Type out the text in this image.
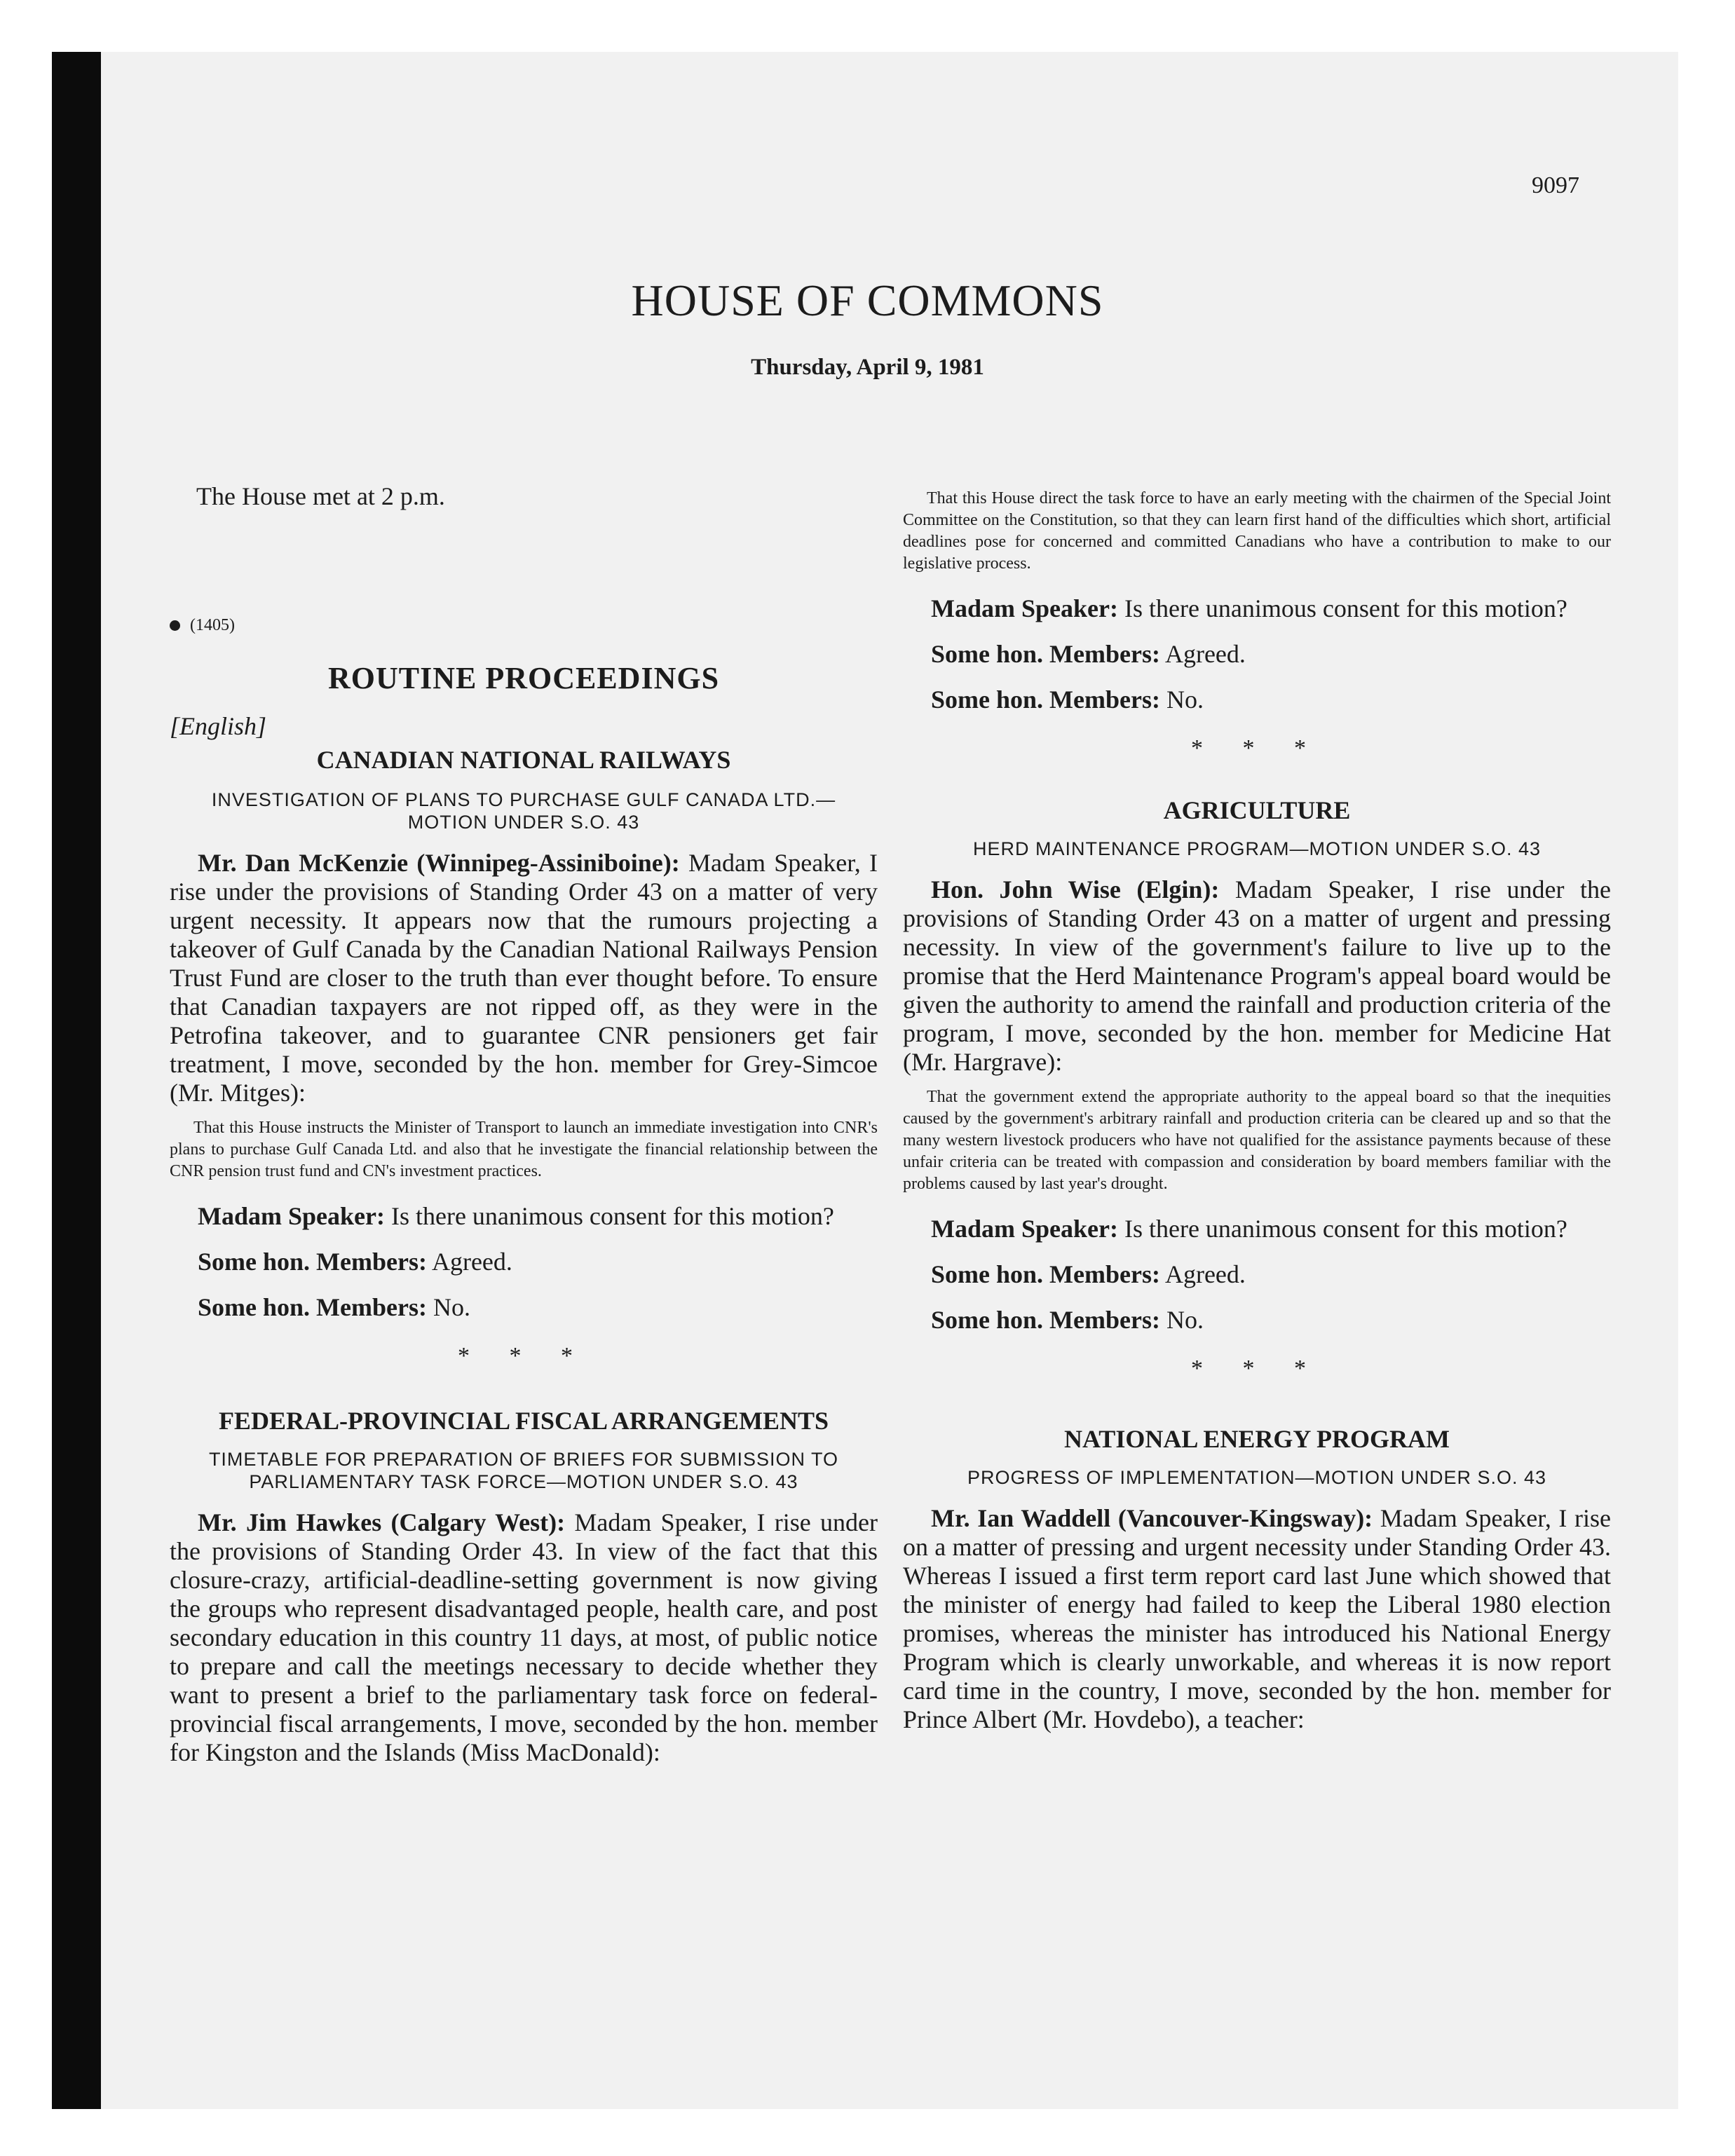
9097
HOUSE OF COMMONS
Thursday, April 9, 1981

The House met at 2 p.m.

(1405)
ROUTINE PROCEEDINGS
[English]
CANADIAN NATIONAL RAILWAYS
INVESTIGATION OF PLANS TO PURCHASE GULF CANADA LTD.— MOTION UNDER S.O. 43

Mr. Dan McKenzie (Winnipeg-Assiniboine): Madam Speaker, I rise under the provisions of Standing Order 43 on a matter of very urgent necessity. It appears now that the rumours projecting a takeover of Gulf Canada by the Canadian National Railways Pension Trust Fund are closer to the truth than ever thought before. To ensure that Canadian taxpayers are not ripped off, as they were in the Petrofina takeover, and to guarantee CNR pensioners get fair treatment, I move, seconded by the hon. member for Grey-Simcoe (Mr. Mitges):

That this House instructs the Minister of Transport to launch an immediate investigation into CNR's plans to purchase Gulf Canada Ltd. and also that he investigate the financial relationship between the CNR pension trust fund and CN's investment practices.

Madam Speaker: Is there unanimous consent for this motion?

Some hon. Members: Agreed.

Some hon. Members: No.

* * *
FEDERAL-PROVINCIAL FISCAL ARRANGEMENTS
TIMETABLE FOR PREPARATION OF BRIEFS FOR SUBMISSION TO PARLIAMENTARY TASK FORCE—MOTION UNDER S.O. 43

Mr. Jim Hawkes (Calgary West): Madam Speaker, I rise under the provisions of Standing Order 43. In view of the fact that this closure-crazy, artificial-deadline-setting government is now giving the groups who represent disadvantaged people, health care, and post secondary education in this country 11 days, at most, of public notice to prepare and call the meetings necessary to decide whether they want to present a brief to the parliamentary task force on federal-provincial fiscal arrangements, I move, seconded by the hon. member for Kingston and the Islands (Miss MacDonald):

That this House direct the task force to have an early meeting with the chairmen of the Special Joint Committee on the Constitution, so that they can learn first hand of the difficulties which short, artificial deadlines pose for concerned and committed Canadians who have a contribution to make to our legislative process.

Madam Speaker: Is there unanimous consent for this motion?

Some hon. Members: Agreed.

Some hon. Members: No.

* * *
AGRICULTURE
HERD MAINTENANCE PROGRAM—MOTION UNDER S.O. 43

Hon. John Wise (Elgin): Madam Speaker, I rise under the provisions of Standing Order 43 on a matter of urgent and pressing necessity. In view of the government's failure to live up to the promise that the Herd Maintenance Program's appeal board would be given the authority to amend the rainfall and production criteria of the program, I move, seconded by the hon. member for Medicine Hat (Mr. Hargrave):

That the government extend the appropriate authority to the appeal board so that the inequities caused by the government's arbitrary rainfall and production criteria can be cleared up and so that the many western livestock producers who have not qualified for the assistance payments because of these unfair criteria can be treated with compassion and consideration by board members familiar with the problems caused by last year's drought.

Madam Speaker: Is there unanimous consent for this motion?

Some hon. Members: Agreed.

Some hon. Members: No.

* * *
NATIONAL ENERGY PROGRAM
PROGRESS OF IMPLEMENTATION—MOTION UNDER S.O. 43

Mr. Ian Waddell (Vancouver-Kingsway): Madam Speaker, I rise on a matter of pressing and urgent necessity under Standing Order 43. Whereas I issued a first term report card last June which showed that the minister of energy had failed to keep the Liberal 1980 election promises, whereas the minister has introduced his National Energy Program which is clearly unworkable, and whereas it is now report card time in the country, I move, seconded by the hon. member for Prince Albert (Mr. Hovdebo), a teacher:
